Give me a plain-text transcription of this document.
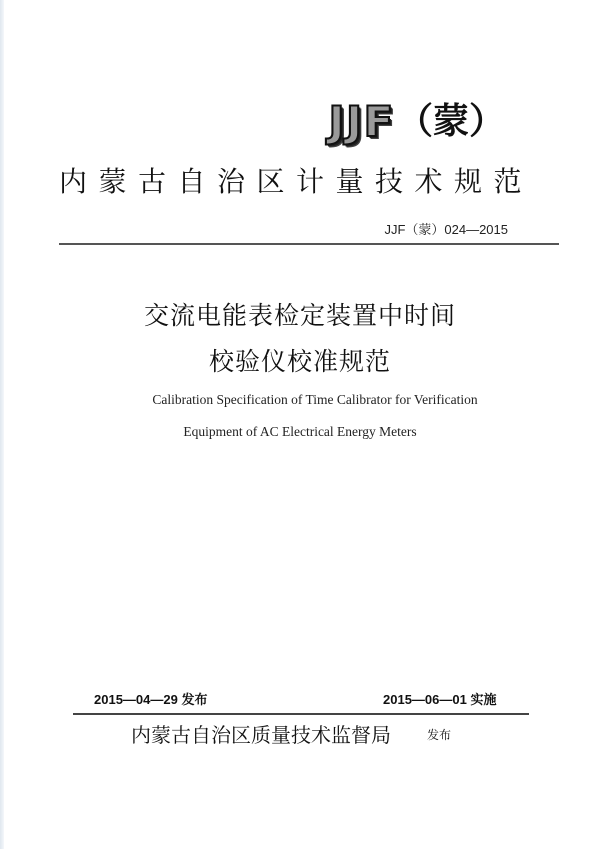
JJF （蒙）
内蒙古自治区计量技术规范
JJF（蒙）024—2015
交流电能表检定装置中时间
校验仪校准规范
Calibration Specification of Time Calibrator for Verification
Equipment of AC Electrical Energy Meters
2015—04—29 发布	2015—06—01 实施
内蒙古自治区质量技术监督局	发布
